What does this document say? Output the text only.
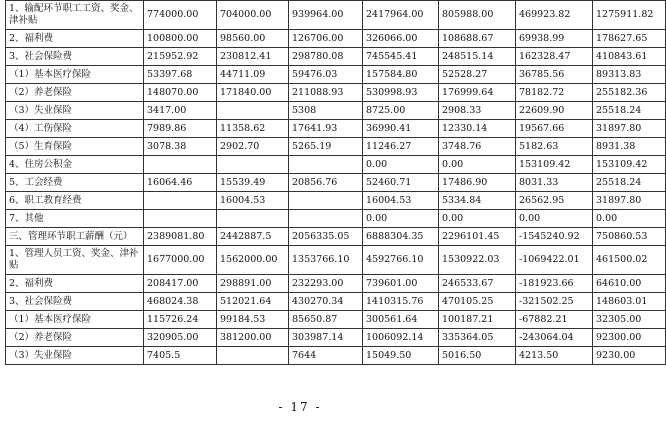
1、输配环节职工工资、奖金、津补贴	774000.00	704000.00	939964.00	2417964.00	805988.00	469923.82	1275911.82
2、福利费	100800.00	98560.00	126706.00	326066.00	108688.67	69938.99	178627.65
3、社会保险费	215952.92	230812.41	298780.08	745545.41	248515.14	162328.47	410843.61
（1）基本医疗保险	53397.68	44711.09	59476.03	157584.80	52528.27	36785.56	89313.83
（2）养老保险	148070.00	171840.00	211088.93	530998.93	176999.64	78182.72	255182.36
（3）失业保险	3417.00		5308	8725.00	2908.33	22609.90	25518.24
（4）工伤保险	7989.86	11358.62	17641.93	36990.41	12330.14	19567.66	31897.80
（5）生育保险	3078.38	2902.70	5265.19	11246.27	3748.76	5182.63	8931.38
4、住房公积金				0.00	0.00	153109.42	153109.42
5、工会经费	16064.46	15539.49	20856.76	52460.71	17486.90	8031.33	25518.24
6、职工教育经费		16004.53		16004.53	5334.84	26562.95	31897.80
7、其他				0.00	0.00	0.00	0.00
三、管理环节职工薪酬（元）	2389081.80	2442887.5	2056335.05	6888304.35	2296101.45	-1545240.92	750860.53
1、管理人员工资、奖金、津补贴	1677000.00	1562000.00	1353766.10	4592766.10	1530922.03	-1069422.01	461500.02
2、福利费	208417.00	298891.00	232293.00	739601.00	246533.67	-181923.66	64610.00
3、社会保险费	468024.38	512021.64	430270.34	1410315.76	470105.25	-321502.25	148603.01
（1）基本医疗保险	115726.24	99184.53	85650.87	300561.64	100187.21	-67882.21	32305.00
（2）养老保险	320905.00	381200.00	303987.14	1006092.14	335364.05	-243064.04	92300.00
（3）失业保险	7405.5		7644	15049.50	5016.50	4213.50	9230.00
- 17 -
